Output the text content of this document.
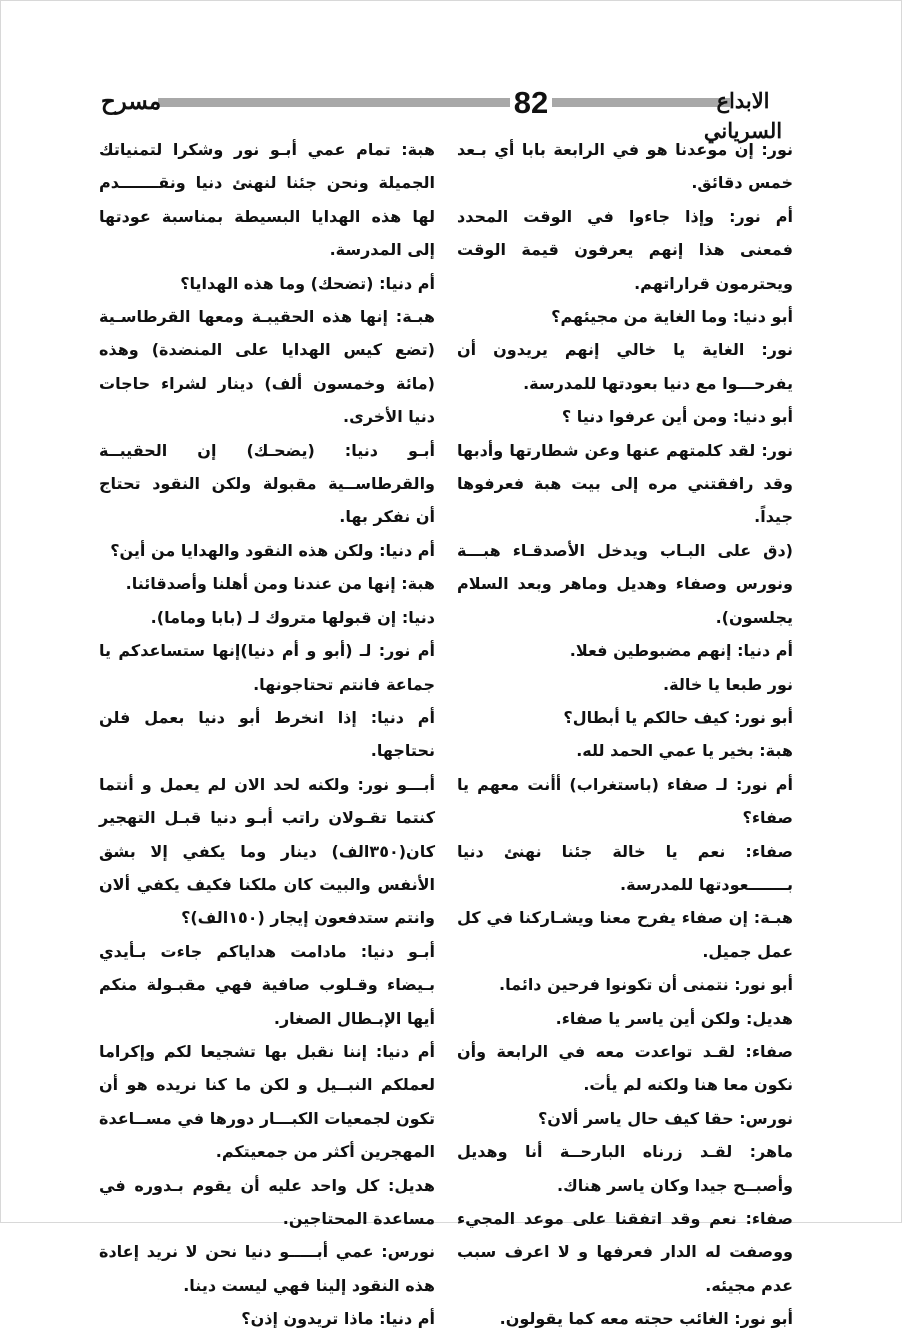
مسرح	82	الابداع السرياني

نور: إن موعدنا هو في الرابعة بابا أي بـعد خمس دقائق.

أم نور: وإذا جاءوا في الوقت المحدد فمعنى هذا إنهم يعرفون قيمة الوقت ويحترمون قراراتهم.

أبو دنيا: وما الغاية من مجيئهم؟

نور: الغاية يا خالي إنهم يريدون أن يفرحـــوا مع دنيا بعودتها للمدرسة.

أبو دنيا: ومن أين عرفوا دنيا ؟

نور: لقد كلمتهم عنها وعن شطارتها وأدبها وقد رافقتني مره إلى بيت هبة فعرفوها جيداً.

(دق على البـاب ويدخل الأصدقـاء هبـــة ونورس وصفاء وهديل وماهر وبعد السلام يجلسون).

أم دنيا: إنهم مضبوطين فعلا.

نور طبعا يا خالة.

أبو نور: كيف حالكم يا أبطال؟

هبة: بخير يا عمي الحمد لله.

أم نور: لـ صفاء (باستغراب) أأنت معهم يا صفاء؟

صفاء: نعم يا خالة جئنا نهنئ دنيا بـــــــعودتها للمدرسة.

هبـة: إن صفاء يفرح معنا ويشـاركنا في كل عمل جميل.

أبو نور: نتمنى أن تكونوا فرحين دائما.

هديل: ولكن أين ياسر يا صفاء.

صفاء: لقـد تواعدت معه في الرابعة وأن نكون معا هنا ولكنه لم يأت.

نورس: حقا كيف حال ياسر ألان؟

ماهر: لقـد زرناه البارحــة أنا وهديل وأصبــح جيدا وكان ياسر هناك.

صفاء: نعم وقد اتفقنا على موعد المجيء ووصفت له الدار فعرفها و لا اعرف سبب عدم مجيئه.

أبو نور: الغائب حجته معه كما يقولون.

هبة: تمام عمي أبـو نور وشكرا لتمنياتك الجميلة ونحن جئنا لنهنئ دنيا ونقـــــــدم لها هذه الهدايا البسيطة بمناسبة عودتها إلى المدرسة.

أم دنيا: (تضحك) وما هذه الهدايا؟

هبـة: إنها هذه الحقيبـة ومعها القرطاسـية (تضع كيس الهدايا على المنضدة) وهذه (مائة وخمسون ألف) دينار لشراء حاجات دنيا الأخرى.

أبـو دنيا: (يضحـك) إن الحقيبــة والقرطاســية مقبولة ولكن النقود تحتاج أن نفكر بها.

أم دنيا: ولكن هذه النقود والهدايا من أين؟

هبة: إنها من عندنا ومن أهلنا وأصدقائنا.

دنيا: إن قبولها متروك لـ (بابا وماما).

أم نور: لـ (أبو و أم دنيا)إنها ستساعدكم يا جماعة فانتم تحتاجونها.

أم دنيا: إذا انخرط أبو دنيا بعمل فلن نحتاجها.

أبـــو نور: ولكنه لحد الان لم يعمل و أنتما كنتما تقـولان راتب أبـو دنيا قبـل التهجير كان(٣٥٠الف) دينار وما يكفي إلا بشق الأنفس والبيت كان ملكنا فكيف يكفي ألان وانتم ستدفعون إيجار (١٥٠الف)؟

أبـو دنيا: مادامت هداياكم جاءت بـأيدي بـيضاء وقـلوب صافية فهي مقبـولة منكم أيها الإبـطال الصغار.

أم دنيا: إننا نقبل بها تشجيعا لكم وإكراما لعملكم النبــيل و لكن ما كنا نريده هو أن تكون لجمعيات الكبـــار دورها في مســاعدة المهجرين أكثر من جمعيتكم.

هديل: كل واحد عليه أن يقوم بـدوره في مساعدة المحتاجين.

نورس: عمي أبـــــو دنيا نحن لا نريد إعادة هذه النقود إلينا فهي ليست دينا.

أم دنيا: ماذا تريدون إذن؟
